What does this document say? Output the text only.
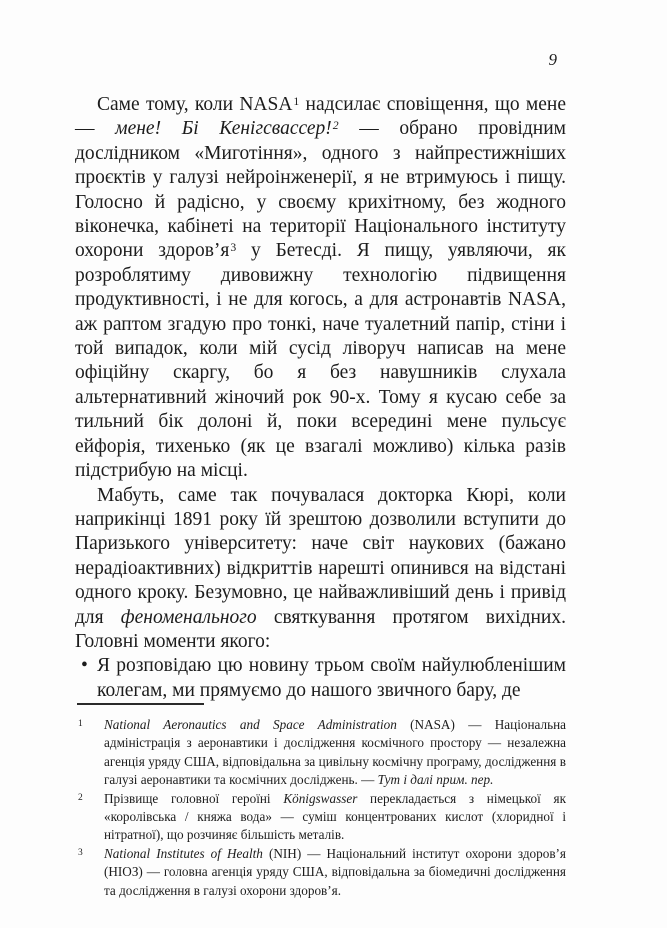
9

Саме тому, коли NASA$^1$ надсилає сповіщення, що мене — мене! Бі Кенігсвассер!$^2$ — обрано провідним дослідником «Миготіння», одного з найпрестижніших проєктів у галузі нейроінженерії, я не втримуюсь і пищу. Голосно й радісно, у своєму крихітному, без жодного віконечка, кабінеті на території Національного інституту охорони $здоров’я^3$ у Бетесді. Я пищу, уявляючи, як розроблятиму дивовижну технологію підвищення продуктивності, і не для когось, а для астронавтів NASA, аж раптом згадую про тонкі, наче туалетний папір, стіни і той випадок, коли мій сусід ліворуч написав на мене офіційну скаргу, бо я без навушників слухала альтернативний жіночий рок 90-х. Тому я кусаю себе за тильний бік долоні й, поки всередині мене пульсує ейфорія, тихенько (як це взагалі можливо) кілька разів підстрибую на місці.

Мабуть, саме так почувалася докторка Кюрі, коли наприкінці 1891 року їй зрештою дозволили вступити до Паризького університету: наче світ наукових (бажано нерадіоактивних) відкриттів нарешті опинився на відстані одного кроку. Безумовно, це найважливіший день і привід для феноменального святкування протягом вихідних. Головні моменти якого:

• Я розповідаю цю новину трьом своїм найулюбленішим колегам, ми прямуємо до нашого звичного бару, де

1 National Aeronautics and Space Administration (NASA) — Національна адміністрація з аеронавтики і дослідження космічного простору — незалежна агенція уряду США, відповідальна за цивільну космічну програму, дослідження в галузі аеронавтики та космічних досліджень. — Тут і далі прим. пер.

2 Прізвище головної героїні Königswasser перекладається з німецької як «королівська / княжа вода» — суміш концентрованих кислот (хлоридної і нітратної), що розчиняє більшість металів.

3 National Institutes of Health (NIH) — Національний інститут охорони здоров’я (НІОЗ) — головна агенція уряду США, відповідальна за біомедичні дослідження та дослідження в галузі охорони здоров’я.
